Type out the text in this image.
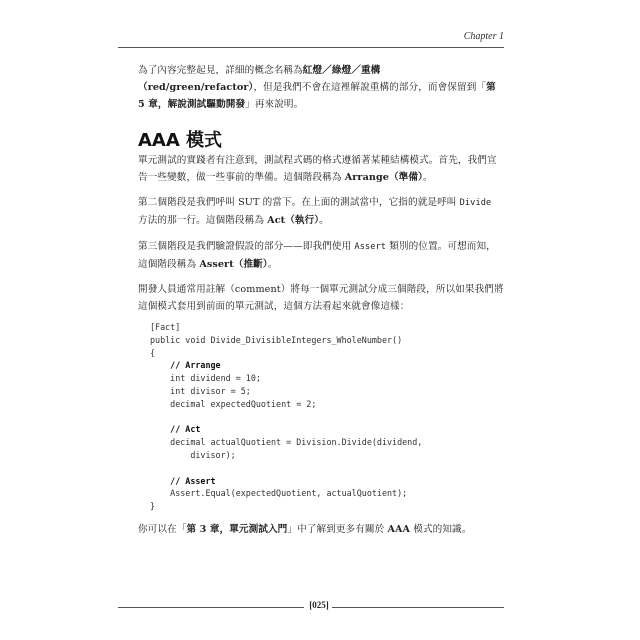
Chapter 1

為了內容完整起見，詳細的概念名稱為紅燈／綠燈／重構（red/green/refactor），但是我們不會在這裡解說重構的部分，而會保留到「第 5 章，解說測試驅動開發」再來說明。

AAA 模式

單元測試的實踐者有注意到，測試程式碼的格式遵循著某種結構模式。首先，我們宣告一些變數，做一些事前的準備。這個階段稱為 Arrange（準備）。

第二個階段是我們呼叫 SUT 的當下。在上面的測試當中，它指的就是呼叫 Divide 方法的那一行。這個階段稱為 Act（執行）。

第三個階段是我們驗證假設的部分——即我們使用 Assert 類別的位置。可想而知，這個階段稱為 Assert（推斷）。

開發人員通常用註解（comment）將每一個單元測試分成三個階段，所以如果我們將這個模式套用到前面的單元測試，這個方法看起來就會像這樣：

[Fact]
public void Divide_DivisibleIntegers_WholeNumber()
{
// Arrange
int dividend = 10;
int divisor = 5;
decimal expectedQuotient = 2;

// Act
decimal actualQuotient = Division.Divide(dividend,
divisor);

// Assert
Assert.Equal(expectedQuotient, actualQuotient);
}

你可以在「第 3 章，單元測試入門」中了解到更多有關於 AAA 模式的知識。

[025]
